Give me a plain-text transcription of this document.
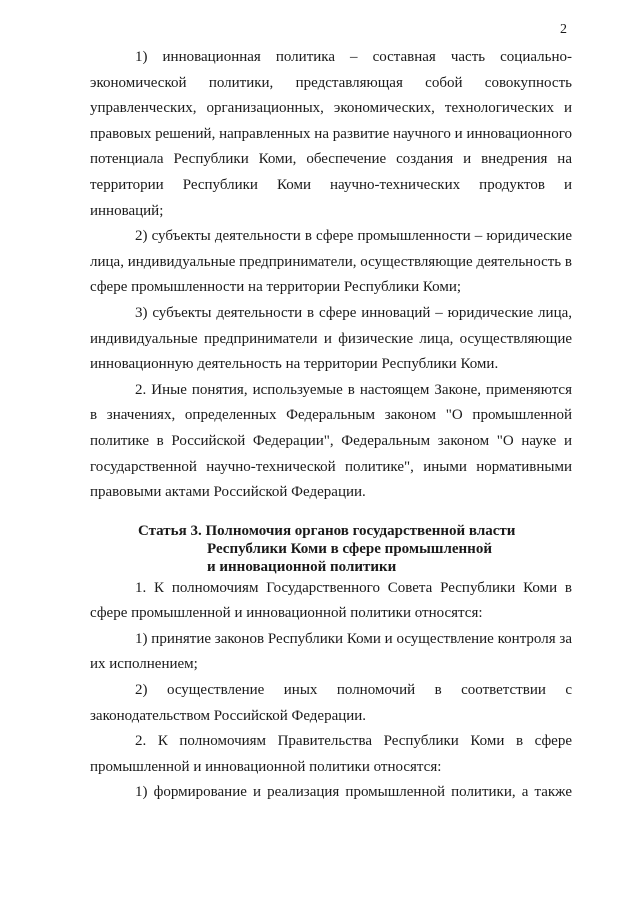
2

1) инновационная политика – составная часть социально-экономической политики, представляющая собой совокупность управленческих, организационных, экономических, технологических и правовых решений, направленных на развитие научного и инновационного потенциала Республики Коми, обеспечение создания и внедрения на территории Республики Коми научно-технических продуктов и инноваций;

2) субъекты деятельности в сфере промышленности – юридические лица, индивидуальные предприниматели, осуществляющие деятельность в сфере промышленности на территории Республики Коми;

3) субъекты деятельности в сфере инноваций – юридические лица, индивидуальные предприниматели и физические лица, осуществляющие инновационную деятельность на территории Республики Коми.

2. Иные понятия, используемые в настоящем Законе, применяются в значениях, определенных Федеральным законом "О промышленной политике в Российской Федерации", Федеральным законом "О науке и государственной научно-технической политике", иными нормативными правовыми актами Российской Федерации.

Статья 3. Полномочия органов государственной власти
Республики Коми в сфере промышленной
и инновационной политики

1. К полномочиям Государственного Совета Республики Коми в сфере промышленной и инновационной политики относятся:

1) принятие законов Республики Коми и осуществление контроля за их исполнением;

2) осуществление иных полномочий в соответствии с законодательством Российской Федерации.

2. К полномочиям Правительства Республики Коми в сфере промышленной и инновационной политики относятся:

1) формирование и реализация промышленной политики, а также
